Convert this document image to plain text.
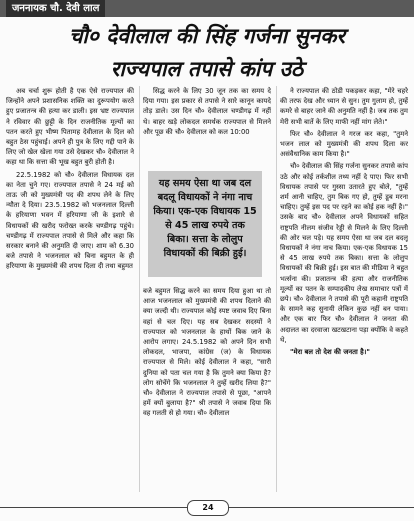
जननायक चौ. देवी लाल
चौ० देवीलाल की सिंह गर्जना सुनकर
राज्यपाल तपासे कांप उठे

अब चर्चा शुरू होती है एक ऐसे राज्यपाल की जिन्होंने अपने प्रशासनिक शक्ति का दुरूपयोग करते हुए प्रजातन्त्र की हत्या कर डाली। इस भ्रष्ट राज्यपाल ने रविवार की छुट्टी के दिन राजनीतिक मूल्यों का पतन करते हुए भीष्म पितामह देवीलाल के दिल को बहुत ठेस पहुंचाई। अपने ही पुत्र के लिए गद्दी पाने के लिए जो खेल खेला गया उसे देखकर चौ० देवीलाल ने कहा था कि सत्ता की भूख बहुत बुरी होती है।

22.5.1982 को चौ० देवीलाल विधायक दल का नेता चुने गए। राज्यपाल तपासे ने 24 मई को ताऊ जी को मुख्यमंत्री पद की शपथ लेने के लिए न्यौता दे दिया। 23.5.1982 को भजनलाल दिल्ली के हरियाणा भवन में हरियाणा जी के इशारे से विधायकों की खरीद फरोख्त करके चण्डीगढ़ पहुंचे। चण्डीगढ़ में राज्यपाल तपासे से मिले और कहा कि सरकार बनाने की अनुमति दी जाए। शाम को 6.30 बजे तपासे ने भजनलाल को बिना बहुमत के ही हरियाणा के मुख्यमंत्री की शपथ दिला दी तथा बहुमत

सिद्ध करने के लिए 30 जून तक का समय दे दिया गया। इस प्रकार से तपासे ने सारे कानून कायदे तोड़ डाले। उस दिन चौ० देवीलाल चण्डीगढ़ में नहीं थे। बाहर खड़े लोकदल समर्थक राज्यपाल से मिलने और पूछ की चौ० देवीलाल को कल 10:00

बजे बहुमत सिद्ध करने का समय दिया हुआ था तो आज भजनलाल को मुख्यमंत्री की शपथ दिलाने की क्या जल्दी थी। राज्यपाल कोई स्पष्ट जवाब दिए बिना वहां से चल दिए। यह सब देखकर सदस्यों ने राज्यपाल को भजनलाल के हाथों बिक जाने के आरोप लगाए। 24.5.1982 को अपने दिन सभी लोकदल, भाजपा, कांग्रेस (ज) के विधायक राज्यपाल से मिले। कोई देवीलाल ने कहा, "सारी दुनिया को पता चल गया है कि तुमने क्या किया है? लोग सोचेंगे कि भजनलाल ने तुम्हें खरीद लिया है?" चौ० देवीलाल ने राज्यपाल तपासे से पूछा, "आपने हमें क्यों बुलाया है?" श्री तपासे ने जवाब दिया कि वह गलती से हो गया। चौ० देवीलाल

ने राज्यपाल की ठोडी पकड़कर कहा, "मेरे चहरे की तरफ देख और ध्यान से सुन। तुम गुलाम हो, तुम्हें कमरे से बाहर जाने की अनुमति नहीं है। जब तक तुम मेरी सभी बातें के लिए माफी नहीं मांग लेते।"

फिर चौ० देवीलाल ने गरज कर कहा, "तुमने भजन लाल को मुख्यमंत्री की शपथ दिला कर असंवैधानिक काम किया है।"

चौ० देवीलाल की सिंह गर्जना सुनकर तपासे कांप उठे और कोई तर्कशील तथ्य नहीं दे पाए। फिर सभी विधायक तपासे पर गुस्सा उतारते हुए बोले, "तुम्हें शर्म आनी चाहिए, तुम बिक गए हो, तुम्हें डूब मरना चाहिए। तुम्हें इस पद पर रहने का कोई हक नहीं है।" उसके बाद चौ० देवीलाल अपने विधायकों सहित राष्ट्रपति नीलम संजीव रेड्डी से मिलने के लिए दिल्ली की ओर चल पड़े। यह समय ऐसा था जब दल बदलू विधायकों ने नंगा नाच किया। एक-एक विधायक 15 से 45 लाख रुपये तक बिका। सत्ता के लोलुप विधायकों की बिक्री हुई। इस बात की मीडिया ने बहुत भर्त्सना की। प्रजातन्त्र की हत्या और राजनीतिक मूल्यों का पतन के सम्पादकीय लेख समाचार पत्रों में छपे। चौ० देवीलाल ने तपासे की पूरी कहानी राष्ट्रपति के सामने कह सुनायी लेकिन कुछ नहीं बन पाया। और एक बार फिर चौ० देवीलाल ने जनता की अदालत का दरवाजा खटखटाना पड़ा क्योंकि वे कहते थे,

"मेरा बल तो देश की जनता है।"

यह समय ऐसा था जब दल बदलू विधायकों ने नंगा नाच किया। एक-एक विधायक 15 से 45 लाख रुपये तक बिका। सत्ता के लोलुप विधायकों की बिक्री हुई।
24
